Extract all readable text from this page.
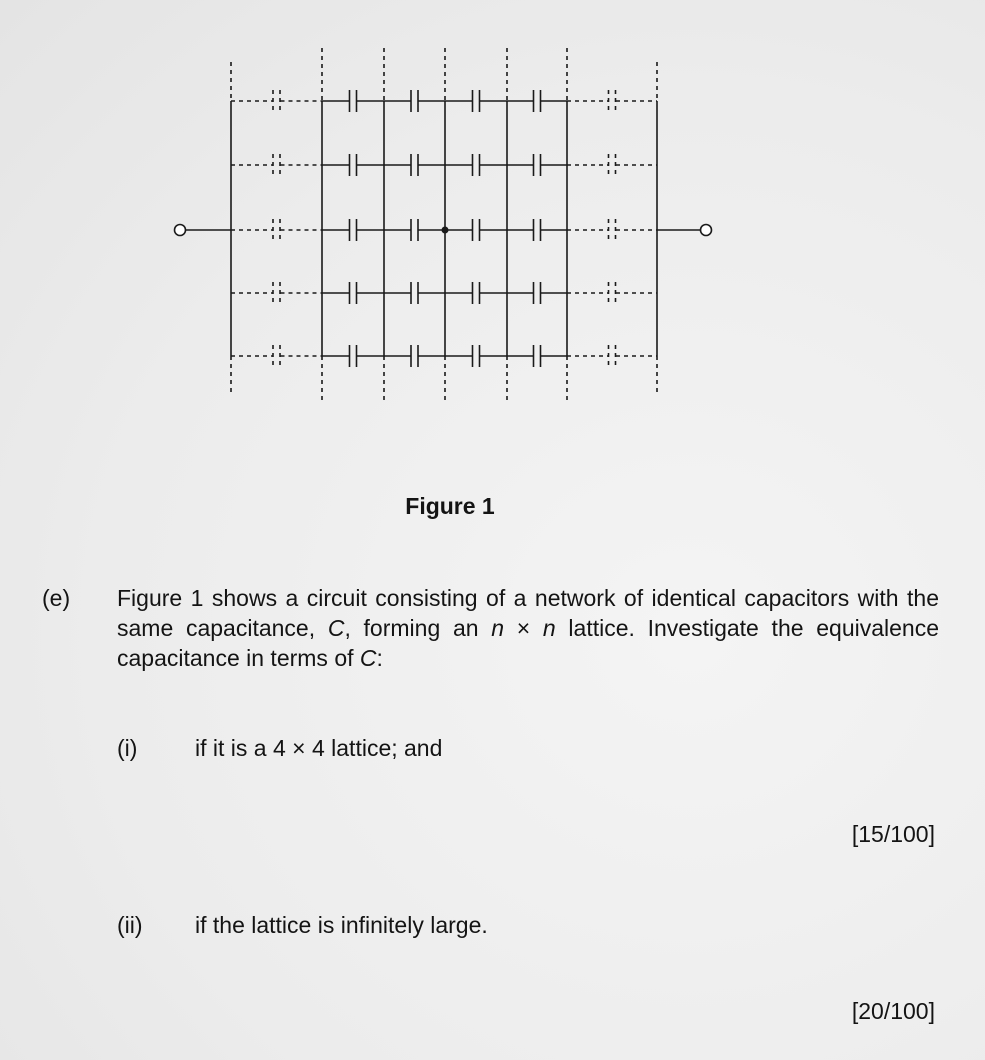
Figure 1
(e) Figure 1 shows a circuit consisting of a network of identical capacitors with the same capacitance, C, forming an n × n lattice. Investigate the equivalence capacitance in terms of C:
(i)	if it is a 4 × 4 lattice; and
[15/100]
(ii) if the lattice is infinitely large.
[20/100]
